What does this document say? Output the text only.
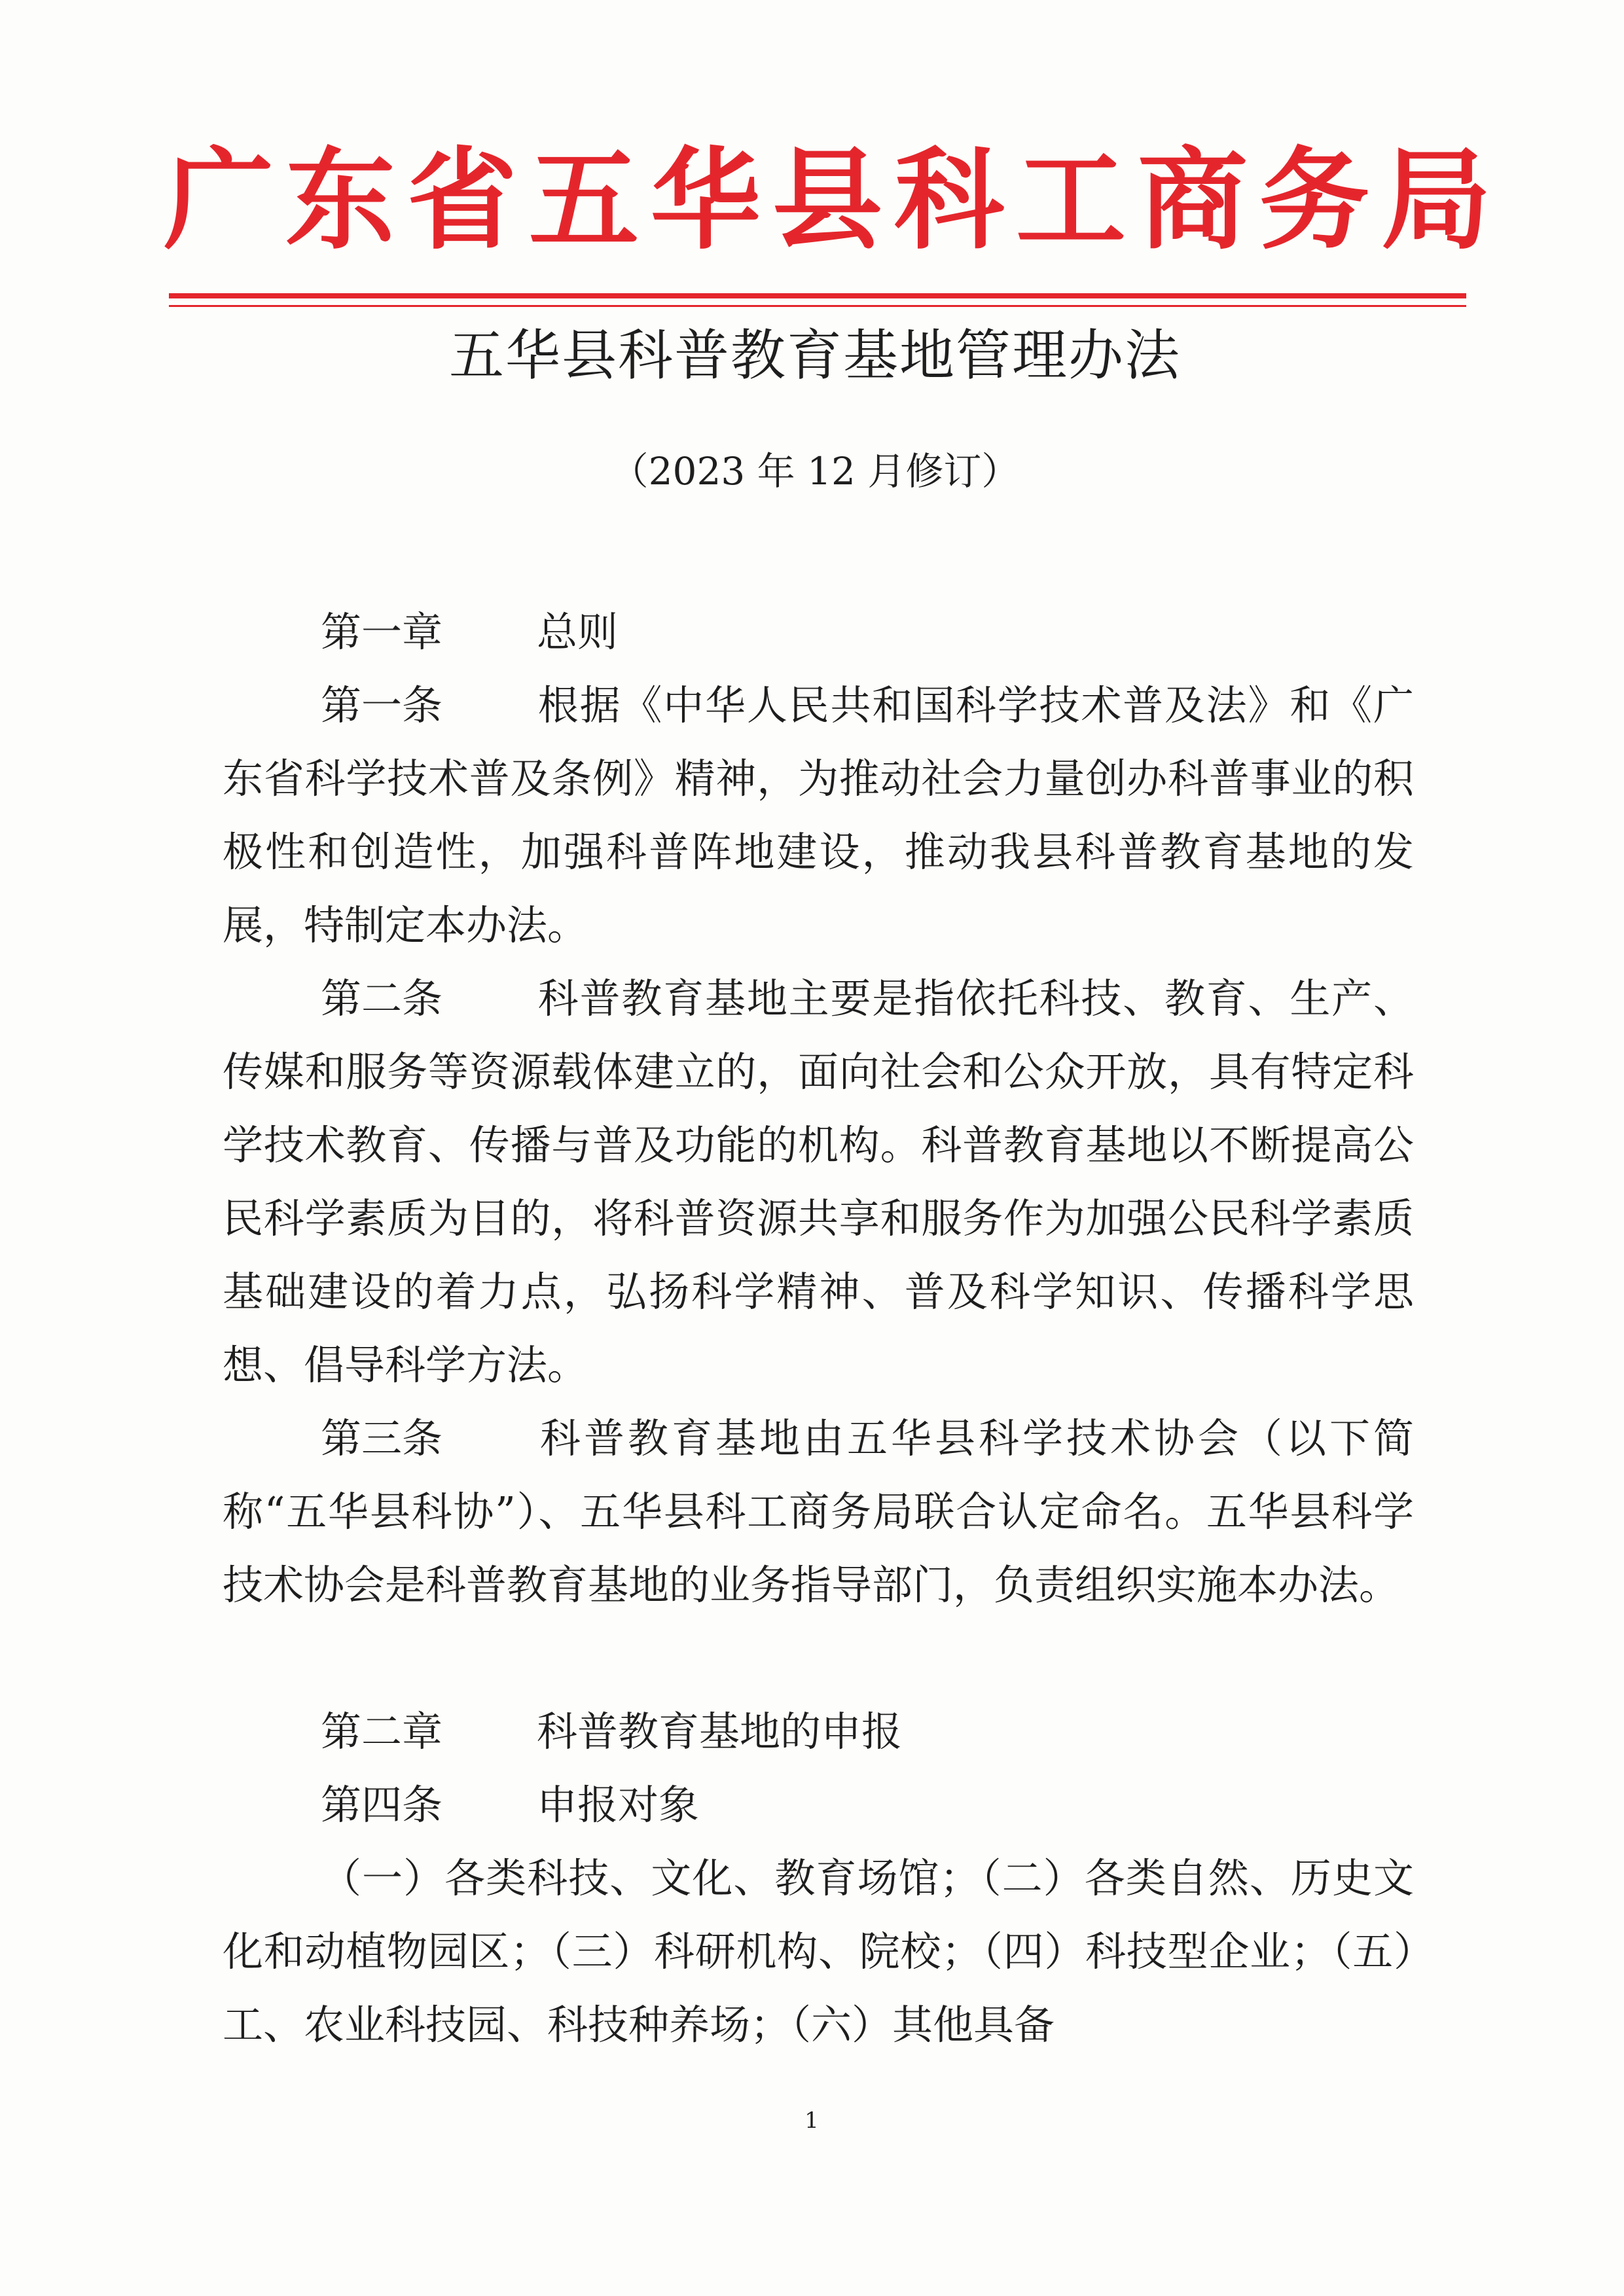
广东省五华县科工商务局
五华县科普教育基地管理办法
（2023 年 12 月修订）
第一章 总则

第一条 根据《中华人民共和国科学技术普及法》和《广东省科学技术普及条例》精神，为推动社会力量创办科普事业的积极性和创造性，加强科普阵地建设，推动我县科普教育基地的发展，特制定本办法。

第二条 科普教育基地主要是指依托科技、教育、生产、传媒和服务等资源载体建立的，面向社会和公众开放，具有特定科学技术教育、传播与普及功能的机构。科普教育基地以不断提高公民科学素质为目的，将科普资源共享和服务作为加强公民科学素质基础建设的着力点，弘扬科学精神、普及科学知识、传播科学思想、倡导科学方法。

第三条 科普教育基地由五华县科学技术协会（以下简称“五华县科协”）、五华县科工商务局联合认定命名。五华县科学技术协会是科普教育基地的业务指导部门，负责组织实施本办法。

第二章 科普教育基地的申报
第四条 申报对象

（一）各类科技、文化、教育场馆；（二）各类自然、历史文化和动植物园区；（三）科研机构、院校；（四）科技型企业；（五）工、农业科技园、科技种养场；（六）其他具备

1
